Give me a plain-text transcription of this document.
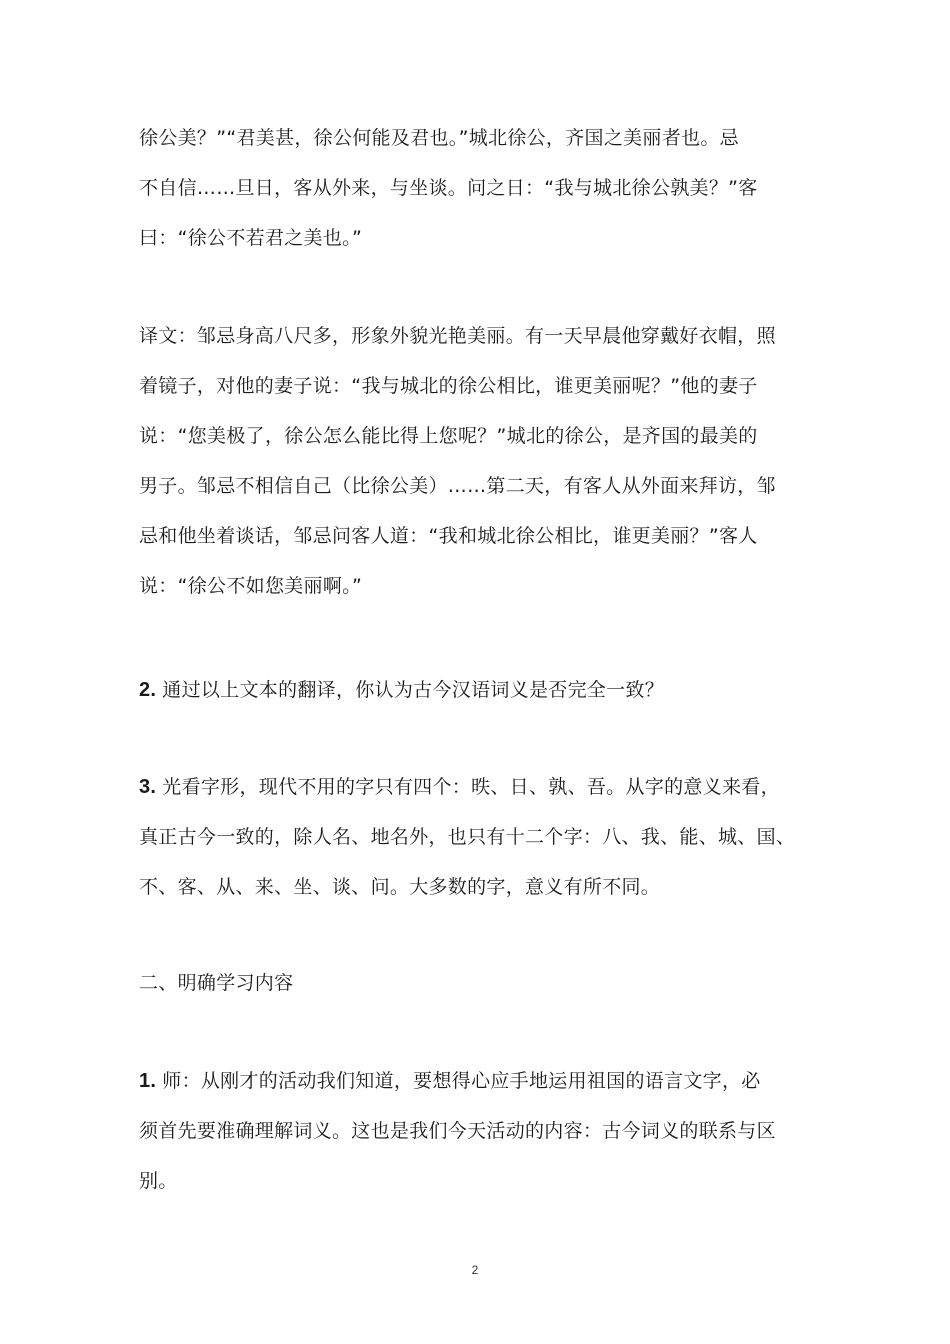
徐公美？”“君美甚，徐公何能及君也。”城北徐公，齐国之美丽者也。忌
不自信……旦日，客从外来，与坐谈。问之日：“我与城北徐公孰美？”客
曰：“徐公不若君之美也。”
译文：邹忌身高八尺多，形象外貌光艳美丽。有一天早晨他穿戴好衣帽，照
着镜子，对他的妻子说：“我与城北的徐公相比，谁更美丽呢？”他的妻子
说：“您美极了，徐公怎么能比得上您呢？”城北的徐公，是齐国的最美的
男子。邹忌不相信自己（比徐公美）……第二天，有客人从外面来拜访，邹
忌和他坐着谈话，邹忌问客人道：“我和城北徐公相比，谁更美丽？”客人
说：“徐公不如您美丽啊。”
2. 通过以上文本的翻译，你认为古今汉语词义是否完全一致？
3. 光看字形，现代不用的字只有四个：昳、日、孰、吾。从字的意义来看，
真正古今一致的，除人名、地名外，也只有十二个字：八、我、能、城、国、
不、客、从、来、坐、谈、问。大多数的字，意义有所不同。
二、明确学习内容
1. 师：从刚才的活动我们知道，要想得心应手地运用祖国的语言文字，必
须首先要准确理解词义。这也是我们今天活动的内容：古今词义的联系与区
别。
2
